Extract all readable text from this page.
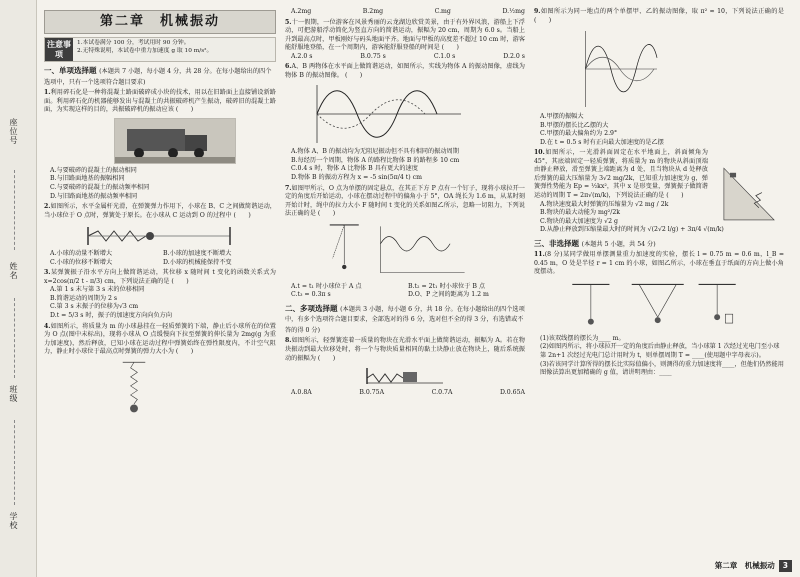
座位号
姓名
班级
学校
第二章　机械振动
注意事项
1.本试卷满分 100 分，考试用时 90 分钟。
2.无特殊说明，本试卷中重力加速度 g 取 10 m/s²。
一、单项选择题 (本题共 7 小题，每小题 4 分，共 28 分。在每小题给出的四个选项中，只有一个选项符合题目要求)
1.利用碎石化是一种将混凝土路面破碎成小块的技术，用以在旧路面上直接铺设新路面。利用碎石化的机器能够发出与混凝土的共振破碎机产生振动，破碎旧的混凝土路面，为实现这样的目的，共振破碎机的振动应该 (　　)
A.与要破碎的混凝土的振动相同
B.与旧路面地基的振幅相同
C.与要破碎的混凝土的振动频率相同
D.与旧路面地基的振动频率相同
2.如图所示，水平金属杆光滑，在弹簧弹力作用下，小球在 B、C 之间做简谐运动，当小球位于 O 点时，弹簧处于原长。在小球从 C 运动到 O 的过程中 (　　)
A.小球的动量不断增大	B.小球的加速度不断增大
C.小球的位移不断增大	D.小球的机械能保持不变
3.某弹簧振子沿水平方向上做简谐运动，其位移 x 随时间 t 变化的函数关系式为 x=2cos(π/2 t - π/3) cm，下列说法正确的是 (　　)
A.第 1 s 末与第 3 s 末的位移相同
B.简谐运动的周期为 2 s
C.第 3 s 末振子的位移为√3 cm
D.t = 5/3 s 时，振子的加速度方向向负方向
4.如图所示，将质量为 m 的小球悬挂在一轻质弹簧的下端，静止后小球所在的位置为 O 点(图中未标出)，现将小球从 O 点缓慢向下拉至弹簧的伸长量为 2mg(g 为重力加速度)，然后释放，已知小球在运动过程中弹簧始终在弹性限度内，不计空气阻力，静止时小球位于最高点时弹簧的弹力大小为 (　　)
A.2mg	B.2mg	C.mg	D.½mg
5.十一假期，一位游客在风景秀丽的云龙湖边欣赏美景，由于有外界风浪，游船上下浮动，可把游船浮动简化为竖直方向的简谐运动，振幅为 20 cm，周期为 6.0 s。当船上升到最高点时，甲板刚好与码头地面平齐。地面与甲板的高度差不超过 10 cm 时，游客能舒服地登船，在一个周期内，游客能舒服登船的时间是 (　　)
A.2.0 s	B.0.75 s	C.1.0 s	D.2.0 s
6.A、B 两物体在水平面上做简谐运动，如图所示，实线为物体 A 的振动图像，虚线为物体 B 的振动图像。 (　　)
A.物体 A、B 的振动均为无阻尼振动但不具有相同的振动周期
B.每经历一个周期，物体 A 的路程比物体 B 的路程多 10 cm
C.0.4 s 时，物体 A 比物体 B 具有更大的速度
D.物体 B 的振动方程为 x = -5 sin(5π/4 t) cm
7.如图甲所示，O 点为单摆的固定悬点，在其正下方 P 点有一个钉子，现将小球拉开一定的角度后开始运动，小球在摆动过程中的偏角小于 5°，OA 绳长为 1.6 m，从某时刻开始计时，绳中的拉力大小 F 随时间 t 变化的关系如图乙所示，忽略一切阻力，下列说法正确的是 (　　)
A.t = t₁ 时小球位于 A 点	B.t₂ = 2t₁ 时小球位于 B 点
C.t₃ = 0.3π s	D.O、P 之间的距离为 1.2 m
二、多项选择题 (本题共 3 小题，每小题 6 分，共 18 分。在每小题给出的四个选项中，有多个选项符合题目要求，全部选对的得 6 分，选对但不全的得 3 分，有选错或不答的得 0 分)
8.如图所示，轻弹簧连着一质量的物块在光滑水平面上做简谐运动，振幅为 A。若在物块振动到最大位移处时，将一个与物块质量相同的黏土块静止放在物块上，随后系统振动的振幅为 (　　)
A.0.8A	B.0.75A	C.0.7A	D.0.65A
9.如图所示为同一地点的两个单摆甲、乙的振动图像，取 π² ≈ 10，下列说法正确的是 (　　)
A.甲摆的振幅大
B.甲摆的摆长比乙摆的大
C.甲摆的最大偏角约为 2.9°
D.在 t = 0.5 s 时有正向最大加速度的是乙摆
10.如图所示，一光滑斜面固定在水平地面上，斜面倾角为 45°，其底端固定一轻质弹簧，将质量为 m 的物块从斜面顶端由静止释放，滑至弹簧上端距离为 d 处，且当物块从 d 处释放后弹簧的最大压缩量为 3√2 mg/2k，已知重力加速度为 g，弹簧弹性势能为 Ep = ½kx²，其中 x 是形变量，弹簧振子做简谐运动的周期 T = 2π√(m/k)，下列说法正确的是 (　　)
A.物块速度最大时弹簧的压缩量为 √2 mg / 2k
B.物块的最大动能为 mg²/2k
C.物块的最大加速度为 √2 g
D.从静止释放到压缩量最大时的时间为 √(2√2 l/g) + 3π/4 √(m/k)
三、非选择题 (本题共 5 小题，共 54 分)
11.(8 分)某同学做用单摆测量重力加速度的实验，摆长 l = 0.75 m = 0.6 m，l_B = 0.45 m，O 处是半径 r = 1 cm 的小球，如图乙所示，小球在垂直于纸面的方向上做小角度摆动。
(1)该双线摆的摆长为____ m。
(2)如图丙所示，将小球拉开一定的角度后由静止释放，当小球第 1 次经过光电门至小球第 2n+1 次经过光电门总计用时为 t，则单摆周期 T = ____(使用题中字母表示)。
(3)若该同学计算所得的摆长比实际值偏小，则测得的重力加速度将____，但他们仍然能用图像法算出更加精确的 g 值，请讲明理由：____
第二章　机械振动	3
